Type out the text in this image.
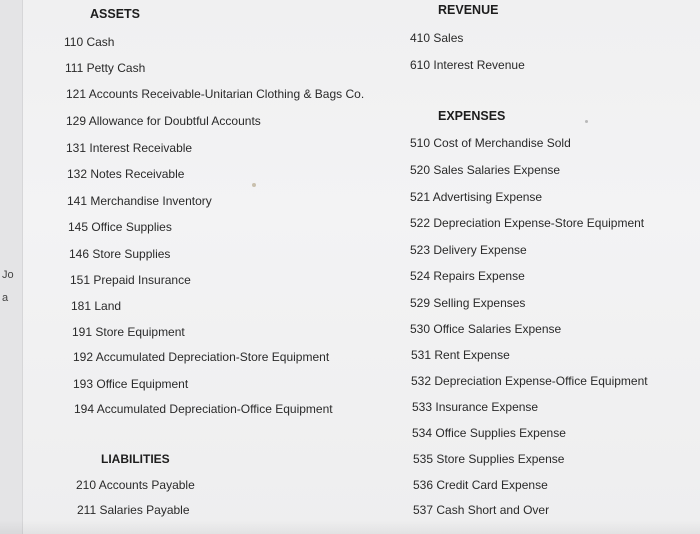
Jo
a
ASSETS
110 Cash
111 Petty Cash
121 Accounts Receivable-Unitarian Clothing & Bags Co.
129 Allowance for Doubtful Accounts
131 Interest Receivable
132 Notes Receivable
141 Merchandise Inventory
145 Office Supplies
146 Store Supplies
151 Prepaid Insurance
181 Land
191 Store Equipment
192 Accumulated Depreciation-Store Equipment
193 Office Equipment
194 Accumulated Depreciation-Office Equipment
LIABILITIES
210 Accounts Payable
211 Salaries Payable
REVENUE
410 Sales
610 Interest Revenue
EXPENSES
510 Cost of Merchandise Sold
520 Sales Salaries Expense
521 Advertising Expense
522 Depreciation Expense-Store Equipment
523 Delivery Expense
524 Repairs Expense
529 Selling Expenses
530 Office Salaries Expense
531 Rent Expense
532 Depreciation Expense-Office Equipment
533 Insurance Expense
534 Office Supplies Expense
535 Store Supplies Expense
536 Credit Card Expense
537 Cash Short and Over
